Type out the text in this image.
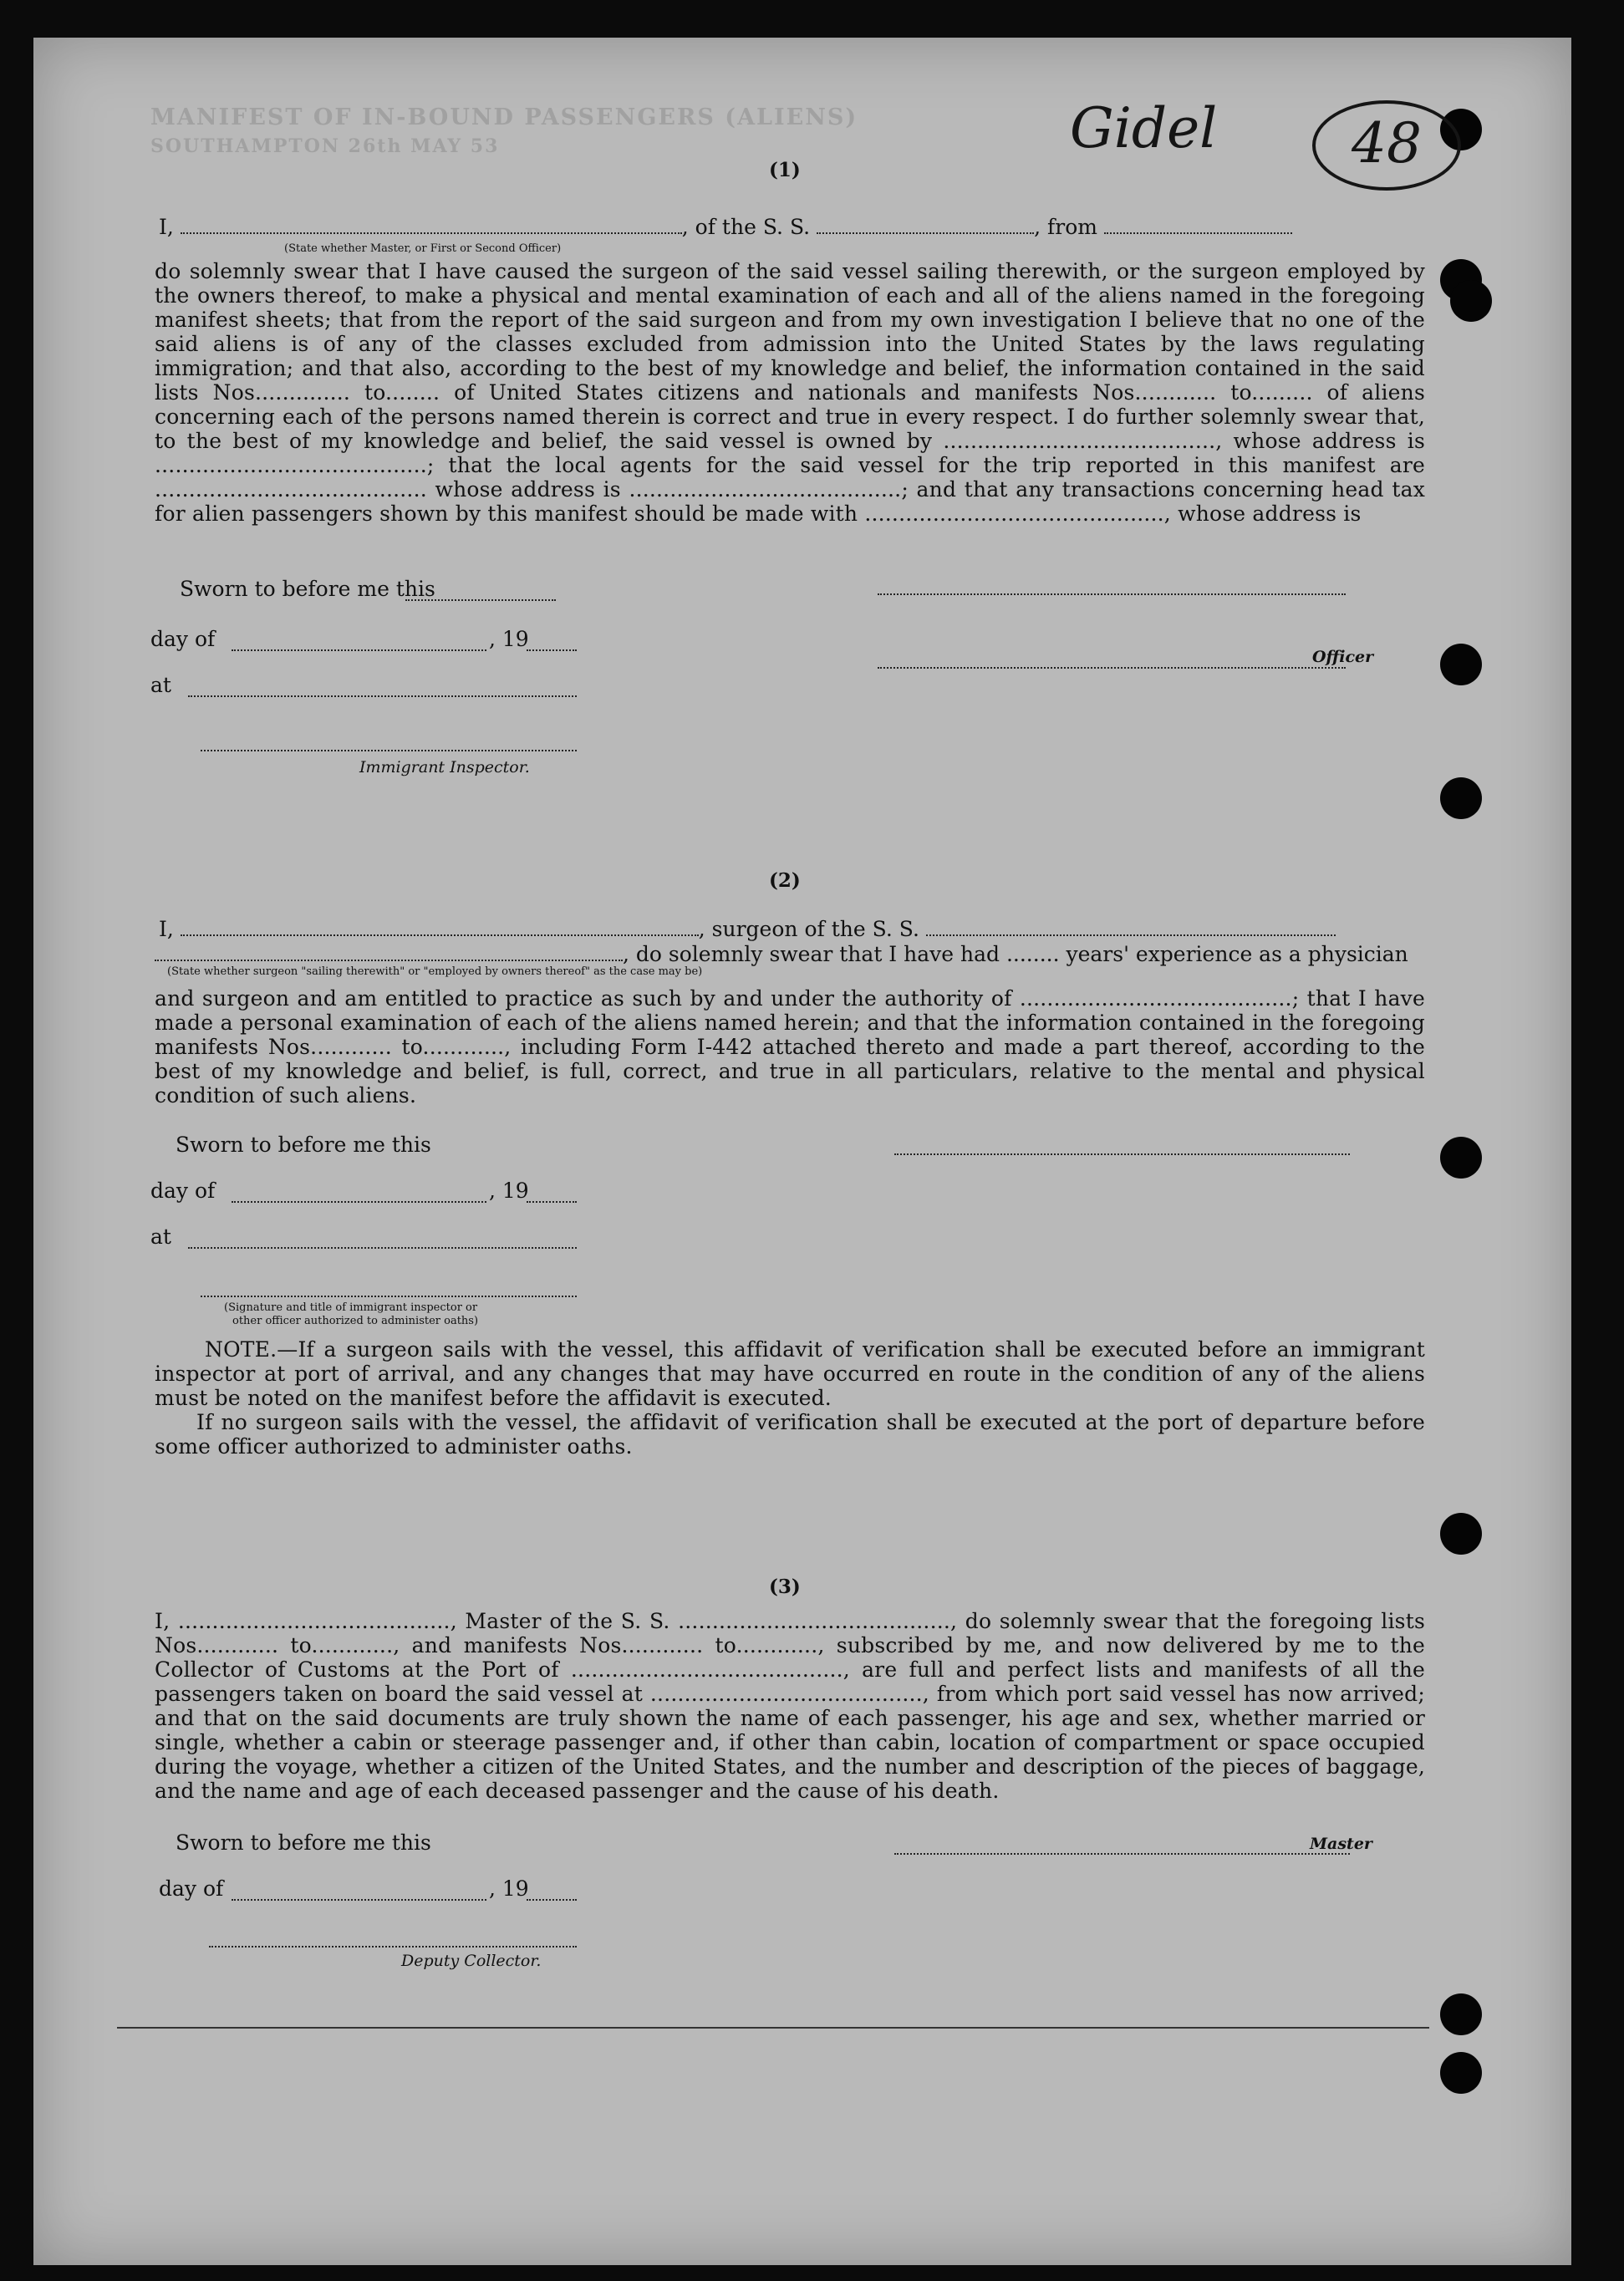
MANIFEST OF IN-BOUND PASSENGERS (ALIENS)
SOUTHAMPTON 26th MAY 53	Gidel	48
(1)
I,	, of the S. S.	, from
(State whether Master, or First or Second Officer)
do solemnly swear that I have caused the surgeon of the said vessel sailing therewith, or the surgeon employed by the owners thereof, to make a physical and mental examination of each and all of the aliens named in the foregoing manifest sheets; that from the report of the said surgeon and from my own investigation I believe that no one of the said aliens is of any of the classes excluded from admission into the United States by the laws regulating immigration; and that also, according to the best of my knowledge and belief, the information contained in the said lists Nos.............. to........ of United States citizens and nationals and manifests Nos............ to......... of aliens concerning each of the persons named therein is correct and true in every respect. I do further solemnly swear that, to the best of my knowledge and belief, the said vessel is owned by ........................................, whose address is ........................................; that the local agents for the said vessel for the trip reported in this manifest are ........................................ whose address is ........................................; and that any transactions concerning head tax for alien passengers shown by this manifest should be made with ............................................, whose address is
Sworn to before me this
day of	, 19
at
Immigrant Inspector.
Officer
(2)
I,	, surgeon of the S. S.
, do solemnly swear that I have had ........ years' experience as a physician
(State whether surgeon "sailing therewith" or "employed by owners thereof" as the case may be)
and surgeon and am entitled to practice as such by and under the authority of ........................................; that I have made a personal examination of each of the aliens named herein; and that the information contained in the foregoing manifests Nos............ to............, including Form I-442 attached thereto and made a part thereof, according to the best of my knowledge and belief, is full, correct, and true in all particulars, relative to the mental and physical condition of such aliens.
Sworn to before me this
day of	, 19
at
(Signature and title of immigrant inspector or
other officer authorized to administer oaths)
NOTE.—If a surgeon sails with the vessel, this affidavit of verification shall be executed before an immigrant inspector at port of arrival, and any changes that may have occurred en route in the condition of any of the aliens must be noted on the manifest before the affidavit is executed.
If no surgeon sails with the vessel, the affidavit of verification shall be executed at the port of departure before some officer authorized to administer oaths.
(3)
I, ........................................, Master of the S. S. ........................................, do solemnly swear that the foregoing lists Nos............ to............, and manifests Nos............ to............, subscribed by me, and now delivered by me to the Collector of Customs at the Port of ........................................, are full and perfect lists and manifests of all the passengers taken on board the said vessel at ........................................, from which port said vessel has now arrived; and that on the said documents are truly shown the name of each passenger, his age and sex, whether married or single, whether a cabin or steerage passenger and, if other than cabin, location of compartment or space occupied during the voyage, whether a citizen of the United States, and the number and description of the pieces of baggage, and the name and age of each deceased passenger and the cause of his death.
Sworn to before me this	Master
day of	, 19
Deputy Collector.
